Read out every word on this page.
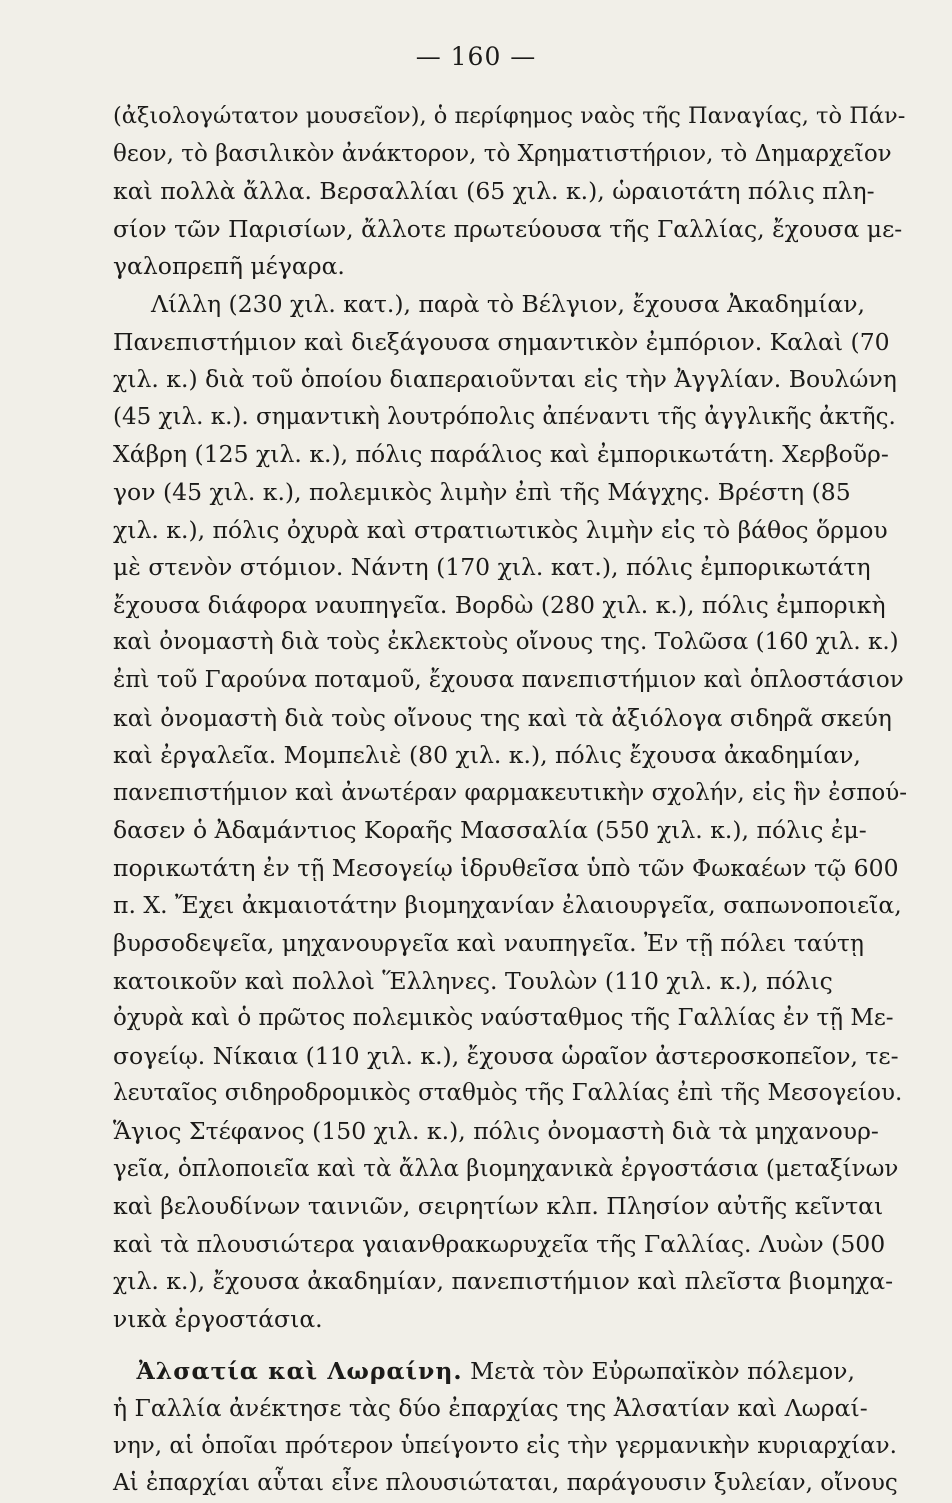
— 160 —
(ἀξιολογώτατον μουσεῖον), ὁ περίφημος ναὸς τῆς Παναγίας, τὸ Πάν-
θεον, τὸ βασιλικὸν ἀνάκτορον, τὸ Χρηματιστήριον, τὸ Δημαρχεῖον
καὶ πολλὰ ἄλλα. Βερσαλλίαι (65 χιλ. κ.), ὡραιοτάτη πόλις πλη-
σίον τῶν Παρισίων, ἄλλοτε πρωτεύουσα τῆς Γαλλίας, ἔχουσα με-
γαλοπρεπῆ μέγαρα.
Λίλλη (230 χιλ. κατ.), παρὰ τὸ Βέλγιον, ἔχουσα Ἀκαδημίαν,
Πανεπιστήμιον καὶ διεξάγουσα σημαντικὸν ἐμπόριον. Καλαὶ (70
χιλ. κ.) διὰ τοῦ ὁποίου διαπεραιοῦνται εἰς τὴν Ἀγγλίαν. Βουλώνη
(45 χιλ. κ.). σημαντικὴ λουτρόπολις ἀπέναντι τῆς ἀγγλικῆς ἀκτῆς.
Χάβρη (125 χιλ. κ.), πόλις παράλιος καὶ ἐμπορικωτάτη. Χερβοῦρ-
γον (45 χιλ. κ.), πολεμικὸς λιμὴν ἐπὶ τῆς Μάγχης. Βρέστη (85
χιλ. κ.), πόλις ὀχυρὰ καὶ στρατιωτικὸς λιμὴν εἰς τὸ βάθος ὅρμου
μὲ στενὸν στόμιον. Νάντη (170 χιλ. κατ.), πόλις ἐμπορικωτάτη
ἔχουσα διάφορα ναυπηγεῖα. Βορδὼ (280 χιλ. κ.), πόλις ἐμπορικὴ
καὶ ὀνομαστὴ διὰ τοὺς ἐκλεκτοὺς οἴνους της. Τολῶσα (160 χιλ. κ.)
ἐπὶ τοῦ Γαρούνα ποταμοῦ, ἔχουσα πανεπιστήμιον καὶ ὁπλοστάσιον
καὶ ὀνομαστὴ διὰ τοὺς οἴνους της καὶ τὰ ἀξιόλογα σιδηρᾶ σκεύη
καὶ ἐργαλεῖα. Μομπελιὲ (80 χιλ. κ.), πόλις ἔχουσα ἀκαδημίαν,
πανεπιστήμιον καὶ ἀνωτέραν φαρμακευτικὴν σχολήν, εἰς ἣν ἐσπού-
δασεν ὁ Ἀδαμάντιος Κοραῆς Μασσαλία (550 χιλ. κ.), πόλις ἐμ-
πορικωτάτη ἐν τῇ Μεσογείῳ ἱδρυθεῖσα ὑπὸ τῶν Φωκαέων τῷ 600
π. Χ. Ἔχει ἀκμαιοτάτην βιομηχανίαν ἐλαιουργεῖα, σαπωνοποιεῖα,
βυρσοδεψεῖα, μηχανουργεῖα καὶ ναυπηγεῖα. Ἐν τῇ πόλει ταύτῃ
κατοικοῦν καὶ πολλοὶ Ἕλληνες. Τουλὼν (110 χιλ. κ.), πόλις
ὀχυρὰ καὶ ὁ πρῶτος πολεμικὸς ναύσταθμος τῆς Γαλλίας ἐν τῇ Με-
σογείῳ. Νίκαια (110 χιλ. κ.), ἔχουσα ὡραῖον ἀστεροσκοπεῖον, τε-
λευταῖος σιδηροδρομικὸς σταθμὸς τῆς Γαλλίας ἐπὶ τῆς Μεσογείου.
Ἅγιος Στέφανος (150 χιλ. κ.), πόλις ὀνομαστὴ διὰ τὰ μηχανουρ-
γεῖα, ὁπλοποιεῖα καὶ τὰ ἄλλα βιομηχανικὰ ἐργοστάσια (μεταξίνων
καὶ βελουδίνων ταινιῶν, σειρητίων κλπ. Πλησίον αὐτῆς κεῖνται
καὶ τὰ πλουσιώτερα γαιανθρακωρυχεῖα τῆς Γαλλίας. Λυὼν (500
χιλ. κ.), ἔχουσα ἀκαδημίαν, πανεπιστήμιον καὶ πλεῖστα βιομηχα-
νικὰ ἐργοστάσια.
 Ἀλσατία καὶ Λωραίνη. Μετὰ τὸν Εὐρωπαϊκὸν πόλεμον,
ἡ Γαλλία ἀνέκτησε τὰς δύο ἐπαρχίας της Ἀλσατίαν καὶ Λωραί-
νην, αἱ ὁποῖαι πρότερον ὑπείγοντο εἰς τὴν γερμανικὴν κυριαρχίαν.
Αἱ ἐπαρχίαι αὗται εἶνε πλουσιώταται, παράγουσιν ξυλείαν, οἴνους
